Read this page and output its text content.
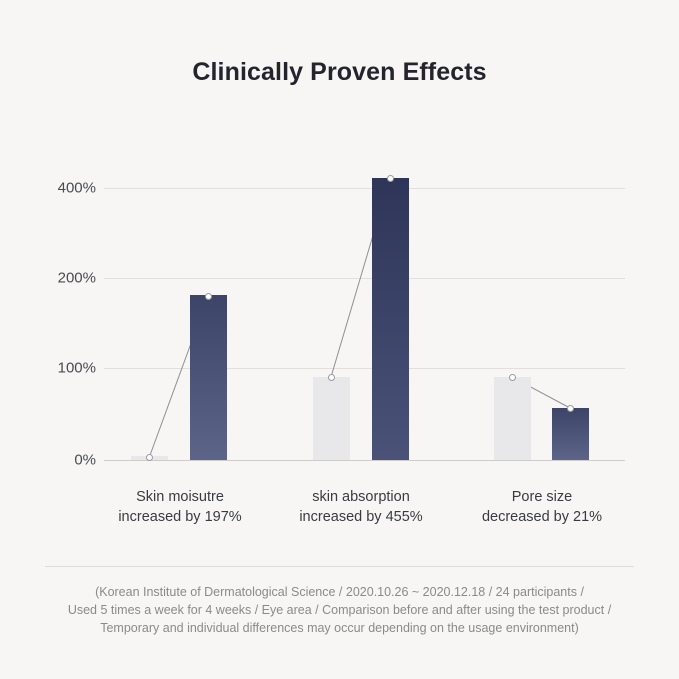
Clinically Proven Effects
400%
200%
100%
0%
Skin moisutre
increased by 197%
skin absorption
increased by 455%
Pore size
decreased by 21%
(Korean Institute of Dermatological Science / 2020.10.26 ~ 2020.12.18 / 24 participants /
Used 5 times a week for 4 weeks / Eye area / Comparison before and after using the test product /
Temporary and individual differences may occur depending on the usage environment)
